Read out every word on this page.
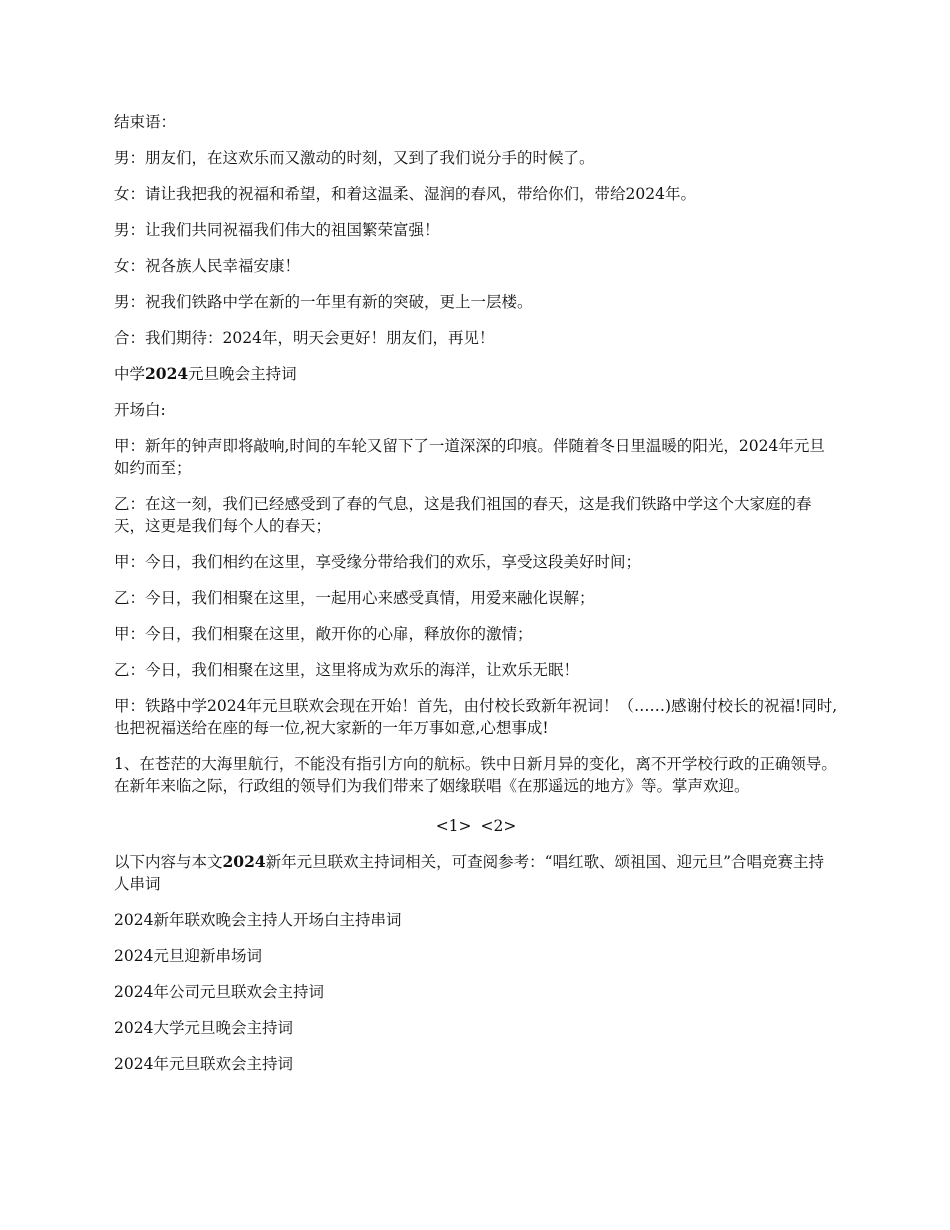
结束语：

男：朋友们，在这欢乐而又激动的时刻，又到了我们说分手的时候了。

女：请让我把我的祝福和希望，和着这温柔、湿润的春风，带给你们，带给2024年。

男：让我们共同祝福我们伟大的祖国繁荣富强！

女：祝各族人民幸福安康！

男：祝我们铁路中学在新的一年里有新的突破，更上一层楼。

合：我们期待：2024年，明天会更好！朋友们，再见！

中学2024元旦晚会主持词

开场白:

甲：新年的钟声即将敲响,时间的车轮又留下了一道深深的印痕。伴随着冬日里温暖的阳光，2024年元旦如约而至；

乙：在这一刻，我们已经感受到了春的气息，这是我们祖国的春天，这是我们铁路中学这个大家庭的春天，这更是我们每个人的春天；

甲：今日，我们相约在这里，享受缘分带给我们的欢乐，享受这段美好时间；

乙：今日，我们相聚在这里，一起用心来感受真情，用爱来融化误解；

甲：今日，我们相聚在这里，敞开你的心扉，释放你的激情；

乙：今日，我们相聚在这里，这里将成为欢乐的海洋，让欢乐无眠！

甲：铁路中学2024年元旦联欢会现在开始！首先，由付校长致新年祝词！（……)感谢付校长的祝福!同时,也把祝福送给在座的每一位,祝大家新的一年万事如意,心想事成!

1、在苍茫的大海里航行，不能没有指引方向的航标。铁中日新月异的变化，离不开学校行政的正确领导。在新年来临之际，行政组的领导们为我们带来了姻缘联唱《在那遥远的地方》等。掌声欢迎。

<1> <2>

以下内容与本文2024新年元旦联欢主持词相关，可查阅参考：“唱红歌、颂祖国、迎元旦”合唱竞赛主持人串词

2024新年联欢晚会主持人开场白主持串词

2024元旦迎新串场词

2024年公司元旦联欢会主持词

2024大学元旦晚会主持词

2024年元旦联欢会主持词
